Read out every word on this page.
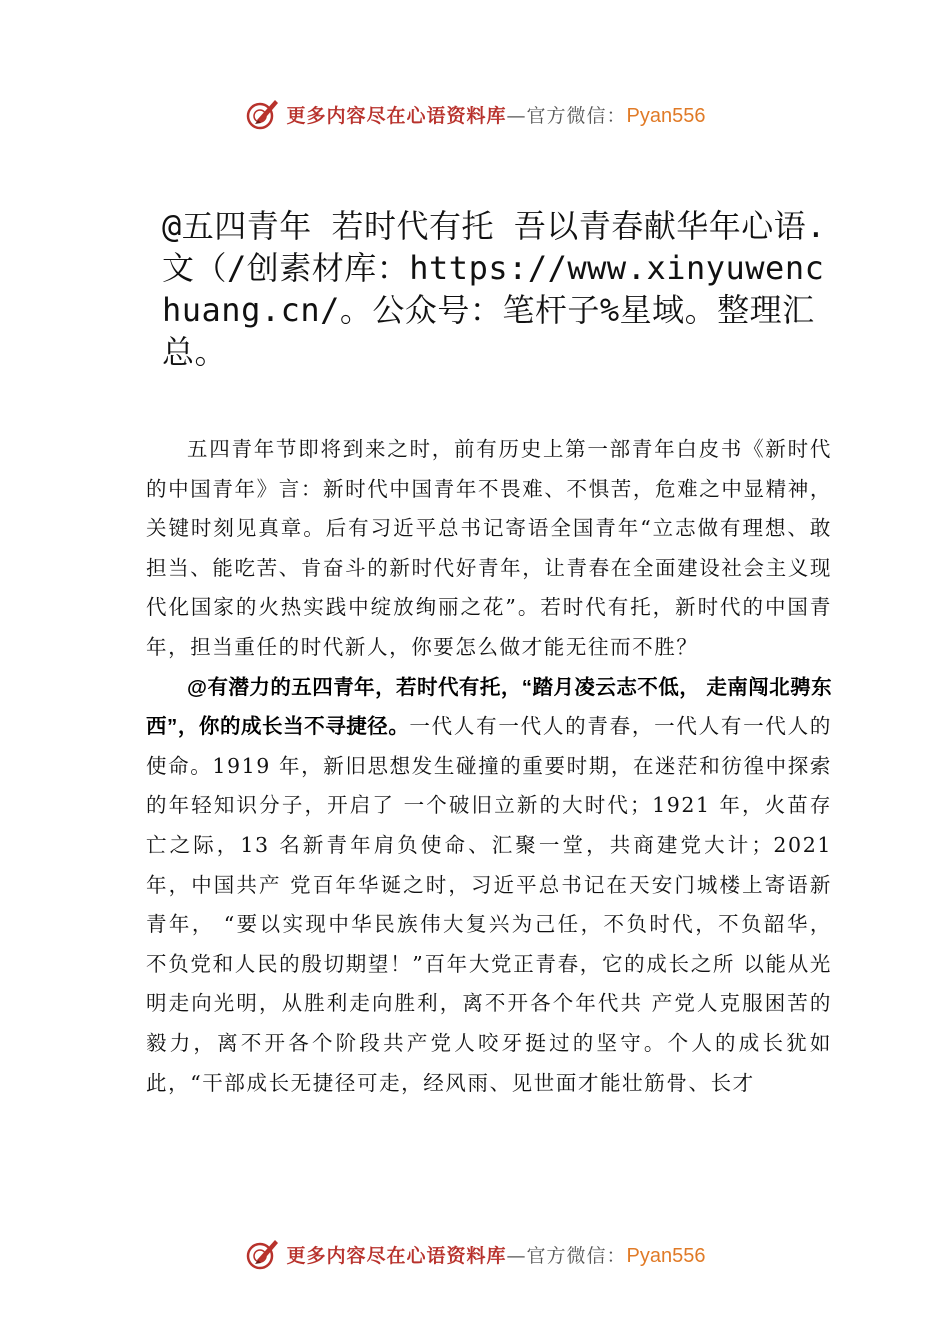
更多内容尽在心语资料库—官方微信：Pyan556
@五四青年 若时代有托 吾以青春献华年心语.文（/创素材库：https://www.xinyuwenchuang.cn/。公众号：笔杆子%星域。整理汇总。

五四青年节即将到来之时，前有历史上第一部青年白皮书《新时代的中国青年》言：新时代中国青年不畏难、不惧苦，危难之中显精神，关键时刻见真章。后有习近平总书记寄语全国青年“立志做有理想、敢担当、能吃苦、肯奋斗的新时代好青年，让青春在全面建设社会主义现代化国家的火热实践中绽放绚丽之花”。若时代有托，新时代的中国青年，担当重任的时代新人，你要怎么做才能无往而不胜？

@有潜力的五四青年，若时代有托，“踏月凌云志不低， 走南闯北骋东西”，你的成长当不寻捷径。一代人有一代人的青春，一代人有一代人的使命。1919 年，新旧思想发生碰撞的重要时期，在迷茫和彷徨中探索的年轻知识分子，开启了 一个破旧立新的大时代；1921 年，火苗存亡之际，13 名新青年肩负使命、汇聚一堂，共商建党大计；2021 年，中国共产 党百年华诞之时，习近平总书记在天安门城楼上寄语新青年， “要以实现中华民族伟大复兴为己任，不负时代，不负韶华， 不负党和人民的殷切期望！”百年大党正青春，它的成长之所 以能从光明走向光明，从胜利走向胜利，离不开各个年代共 产党人克服困苦的毅力，离不开各个阶段共产党人咬牙挺过的坚守。个人的成长犹如此，“干部成长无捷径可走，经风雨、见世面才能壮筋骨、长才

更多内容尽在心语资料库—官方微信：Pyan556
